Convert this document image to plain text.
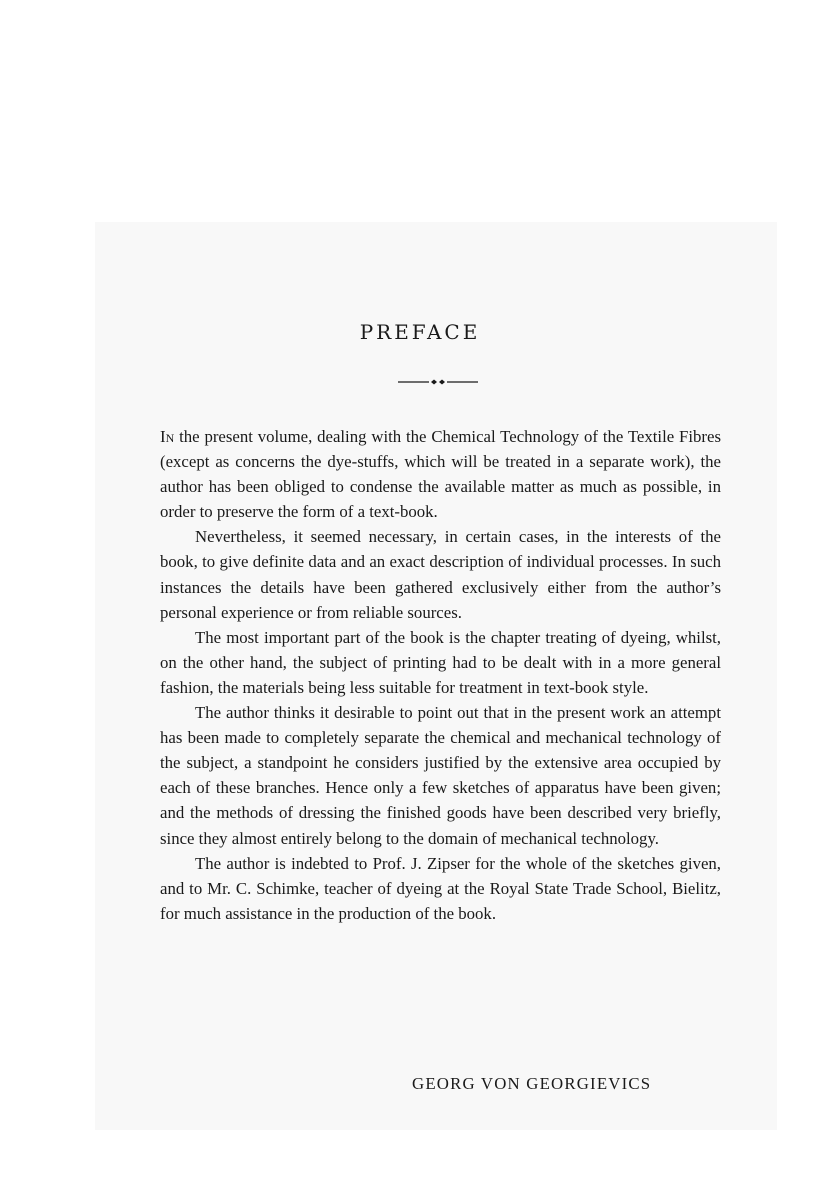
PREFACE

In the present volume, dealing with the Chemical Technology of the Textile Fibres (except as concerns the dye-stuffs, which will be treated in a separate work), the author has been obliged to condense the available matter as much as possible, in order to preserve the form of a text-book.

Nevertheless, it seemed necessary, in certain cases, in the interests of the book, to give definite data and an exact description of individual processes. In such instances the details have been gathered exclusively either from the author’s personal experience or from reliable sources.

The most important part of the book is the chapter treating of dyeing, whilst, on the other hand, the subject of printing had to be dealt with in a more general fashion, the materials being less suitable for treatment in text-book style.

The author thinks it desirable to point out that in the present work an attempt has been made to completely separate the chemical and mechanical technology of the subject, a standpoint he considers justified by the extensive area occupied by each of these branches. Hence only a few sketches of apparatus have been given; and the methods of dressing the finished goods have been described very briefly, since they almost entirely belong to the domain of mechanical technology.

The author is indebted to Prof. J. Zipser for the whole of the sketches given, and to Mr. C. Schimke, teacher of dyeing at the Royal State Trade School, Bielitz, for much assistance in the production of the book.

GEORG VON GEORGIEVICS
